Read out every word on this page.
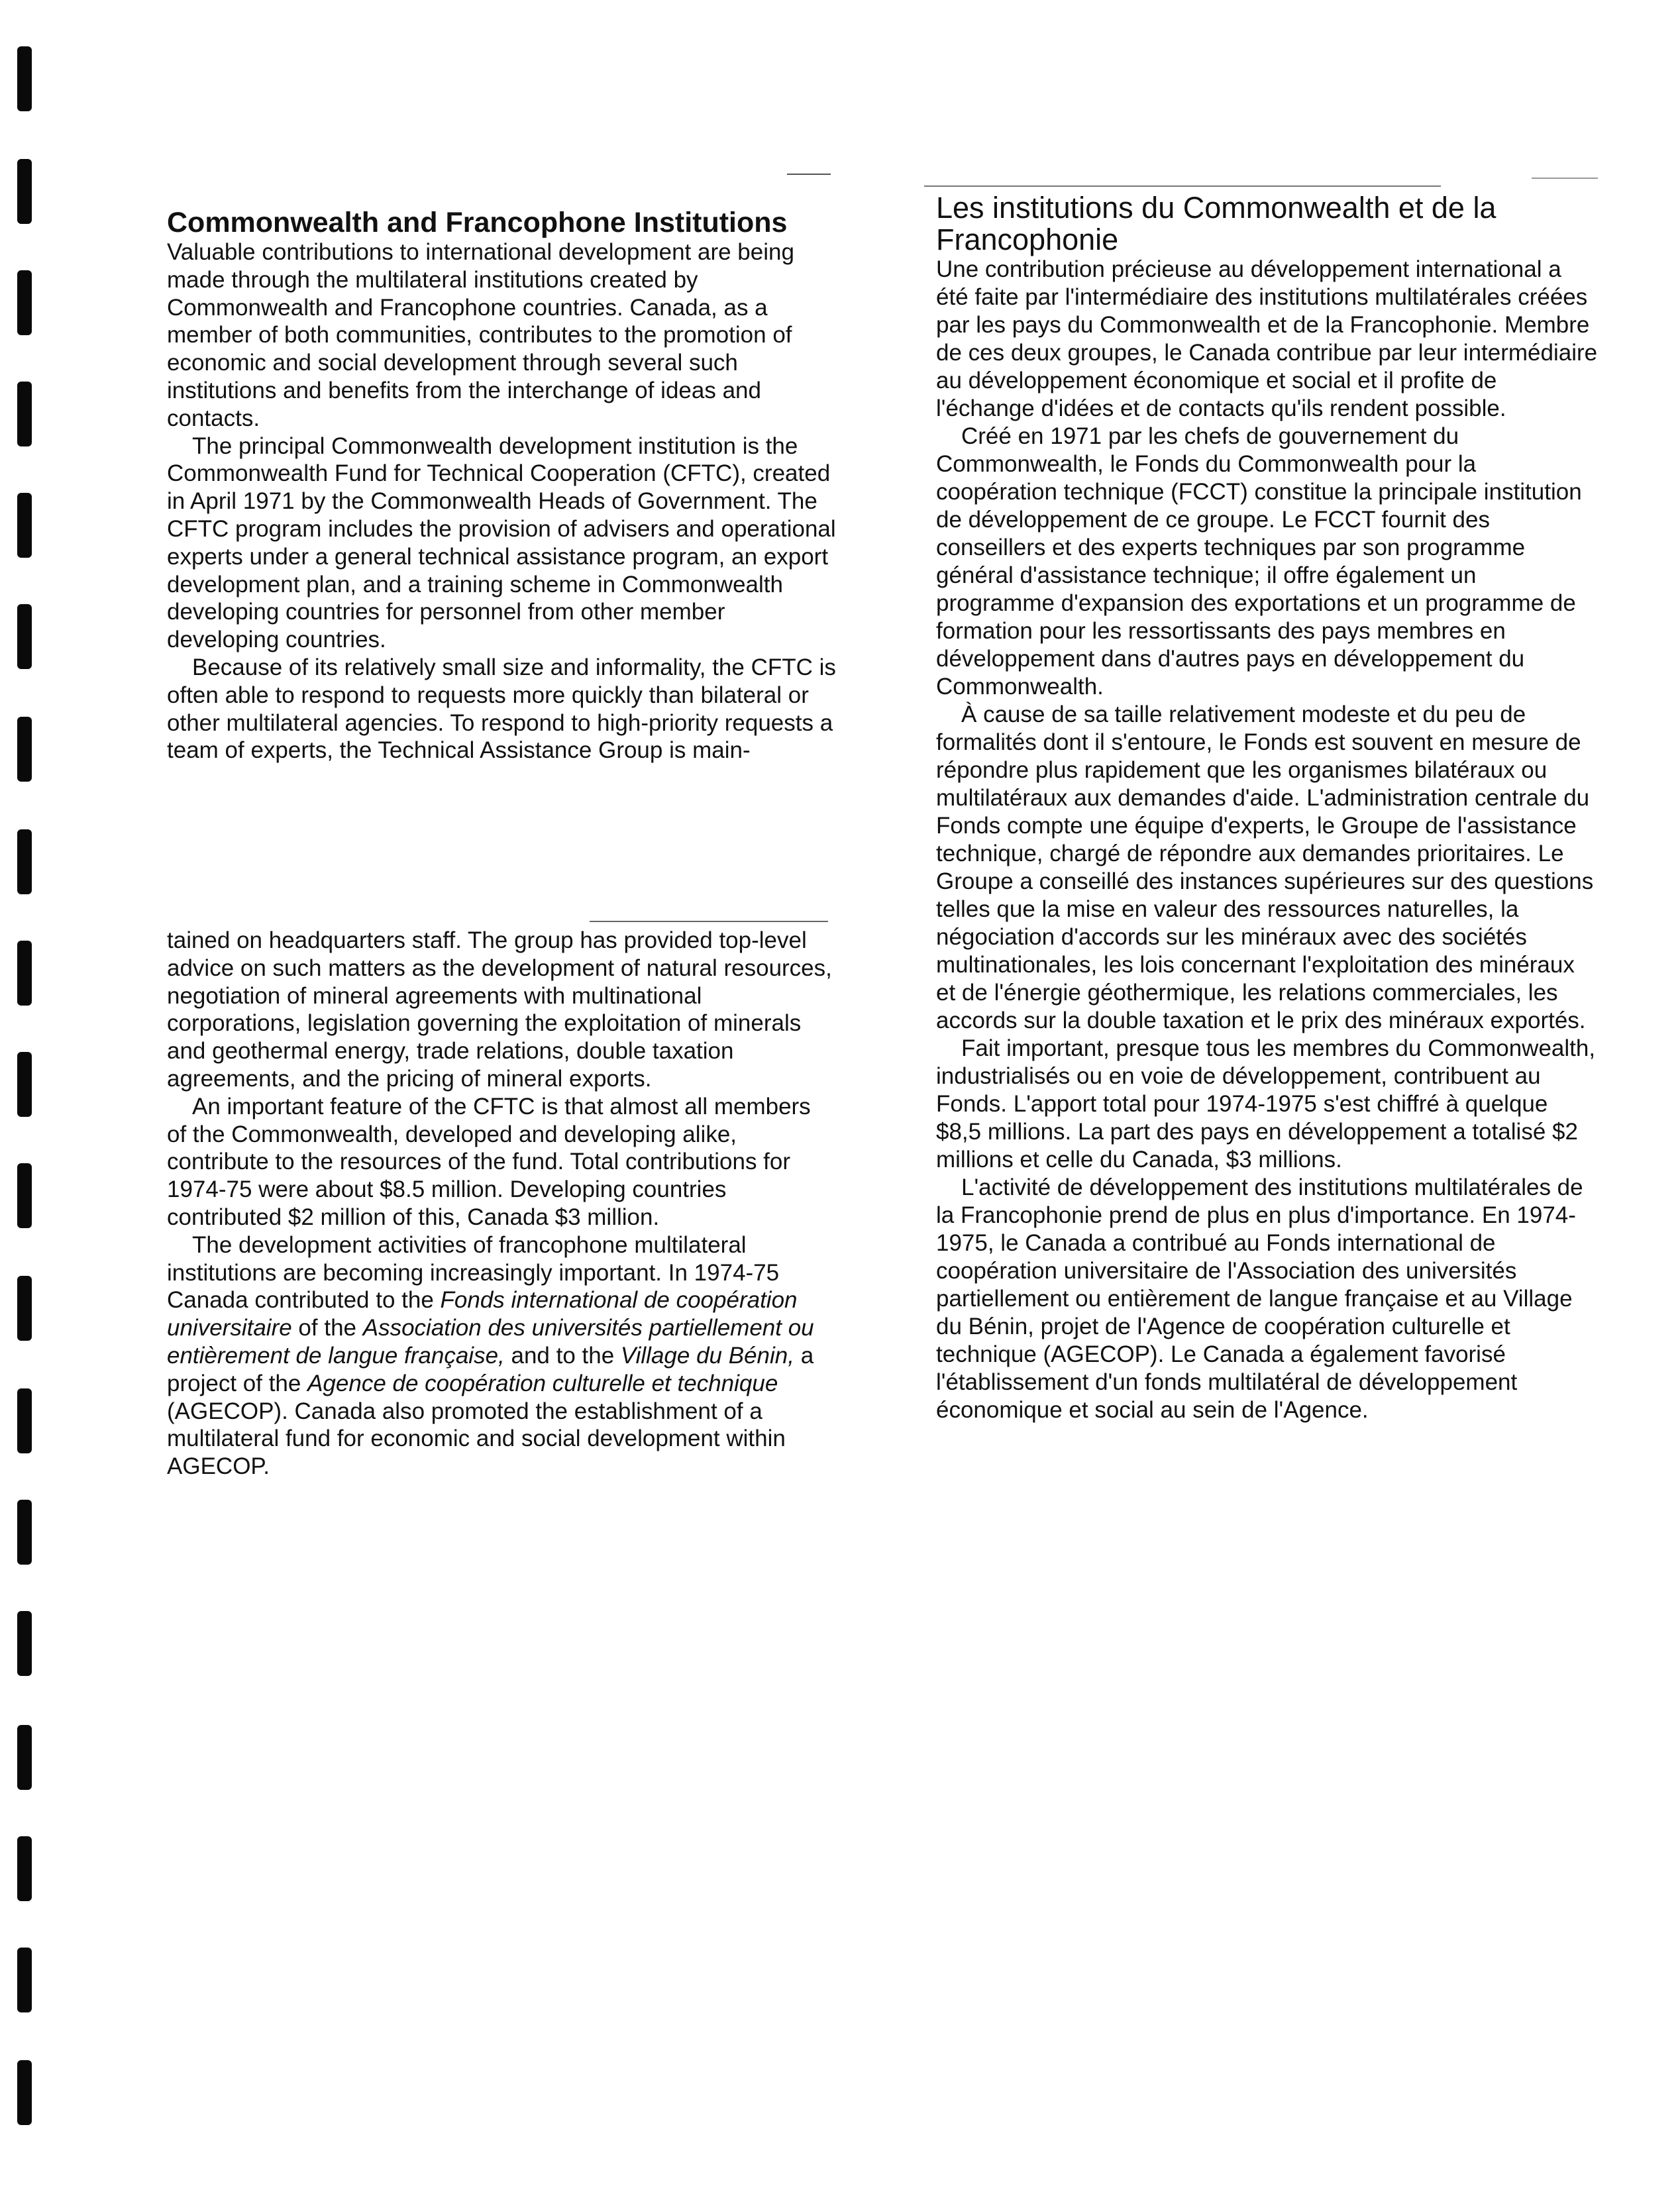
Commonwealth and Francophone Institutions

Valuable contributions to international development are being made through the multilateral institutions created by Commonwealth and Francophone countries. Canada, as a member of both communities, contributes to the promotion of economic and social development through several such institutions and benefits from the interchange of ideas and contacts.

The principal Commonwealth development institution is the Commonwealth Fund for Technical Cooperation (CFTC), created in April 1971 by the Commonwealth Heads of Government. The CFTC program includes the provision of advisers and operational experts under a general technical assistance program, an export development plan, and a training scheme in Commonwealth developing countries for personnel from other member developing countries.

Because of its relatively small size and informality, the CFTC is often able to respond to requests more quickly than bilateral or other multilateral agencies. To respond to high-priority requests a team of experts, the Technical Assistance Group is main-

tained on headquarters staff. The group has provided top-level advice on such matters as the development of natural resources, negotiation of mineral agreements with multinational corporations, legislation governing the exploitation of minerals and geothermal energy, trade relations, double taxation agreements, and the pricing of mineral exports.

An important feature of the CFTC is that almost all members of the Commonwealth, developed and developing alike, contribute to the resources of the fund. Total contributions for 1974-75 were about $8.5 million. Developing countries contributed $2 million of this, Canada $3 million.

The development activities of francophone multilateral institutions are becoming increasingly important. In 1974-75 Canada contributed to the Fonds international de coopération universitaire of the Association des universités partiellement ou entièrement de langue française, and to the Village du Bénin, a project of the Agence de coopération culturelle et technique (AGECOP). Canada also promoted the establishment of a multilateral fund for economic and social development within AGECOP.

Les institutions du Commonwealth et de la Francophonie

Une contribution précieuse au développement international a été faite par l'intermédiaire des institutions multilatérales créées par les pays du Commonwealth et de la Francophonie. Membre de ces deux groupes, le Canada contribue par leur intermédiaire au développement économique et social et il profite de l'échange d'idées et de contacts qu'ils rendent possible.

Créé en 1971 par les chefs de gouvernement du Commonwealth, le Fonds du Commonwealth pour la coopération technique (FCCT) constitue la principale institution de développement de ce groupe. Le FCCT fournit des conseillers et des experts techniques par son programme général d'assistance technique; il offre également un programme d'expansion des exportations et un programme de formation pour les ressortissants des pays membres en développement dans d'autres pays en développement du Commonwealth.

À cause de sa taille relativement modeste et du peu de formalités dont il s'entoure, le Fonds est souvent en mesure de répondre plus rapidement que les organismes bilatéraux ou multilatéraux aux demandes d'aide. L'administration centrale du Fonds compte une équipe d'experts, le Groupe de l'assistance technique, chargé de répondre aux demandes prioritaires. Le Groupe a conseillé des instances supérieures sur des questions telles que la mise en valeur des ressources naturelles, la négociation d'accords sur les minéraux avec des sociétés multinationales, les lois concernant l'exploitation des minéraux et de l'énergie géothermique, les relations commerciales, les accords sur la double taxation et le prix des minéraux exportés.

Fait important, presque tous les membres du Commonwealth, industrialisés ou en voie de développement, contribuent au Fonds. L'apport total pour 1974-1975 s'est chiffré à quelque $8,5 millions. La part des pays en développement a totalisé $2 millions et celle du Canada, $3 millions.

L'activité de développement des institutions multilatérales de la Francophonie prend de plus en plus d'importance. En 1974-1975, le Canada a contribué au Fonds international de coopération universitaire de l'Association des universités partiellement ou entièrement de langue française et au Village du Bénin, projet de l'Agence de coopération culturelle et technique (AGECOP). Le Canada a également favorisé l'établissement d'un fonds multilatéral de développement économique et social au sein de l'Agence.
